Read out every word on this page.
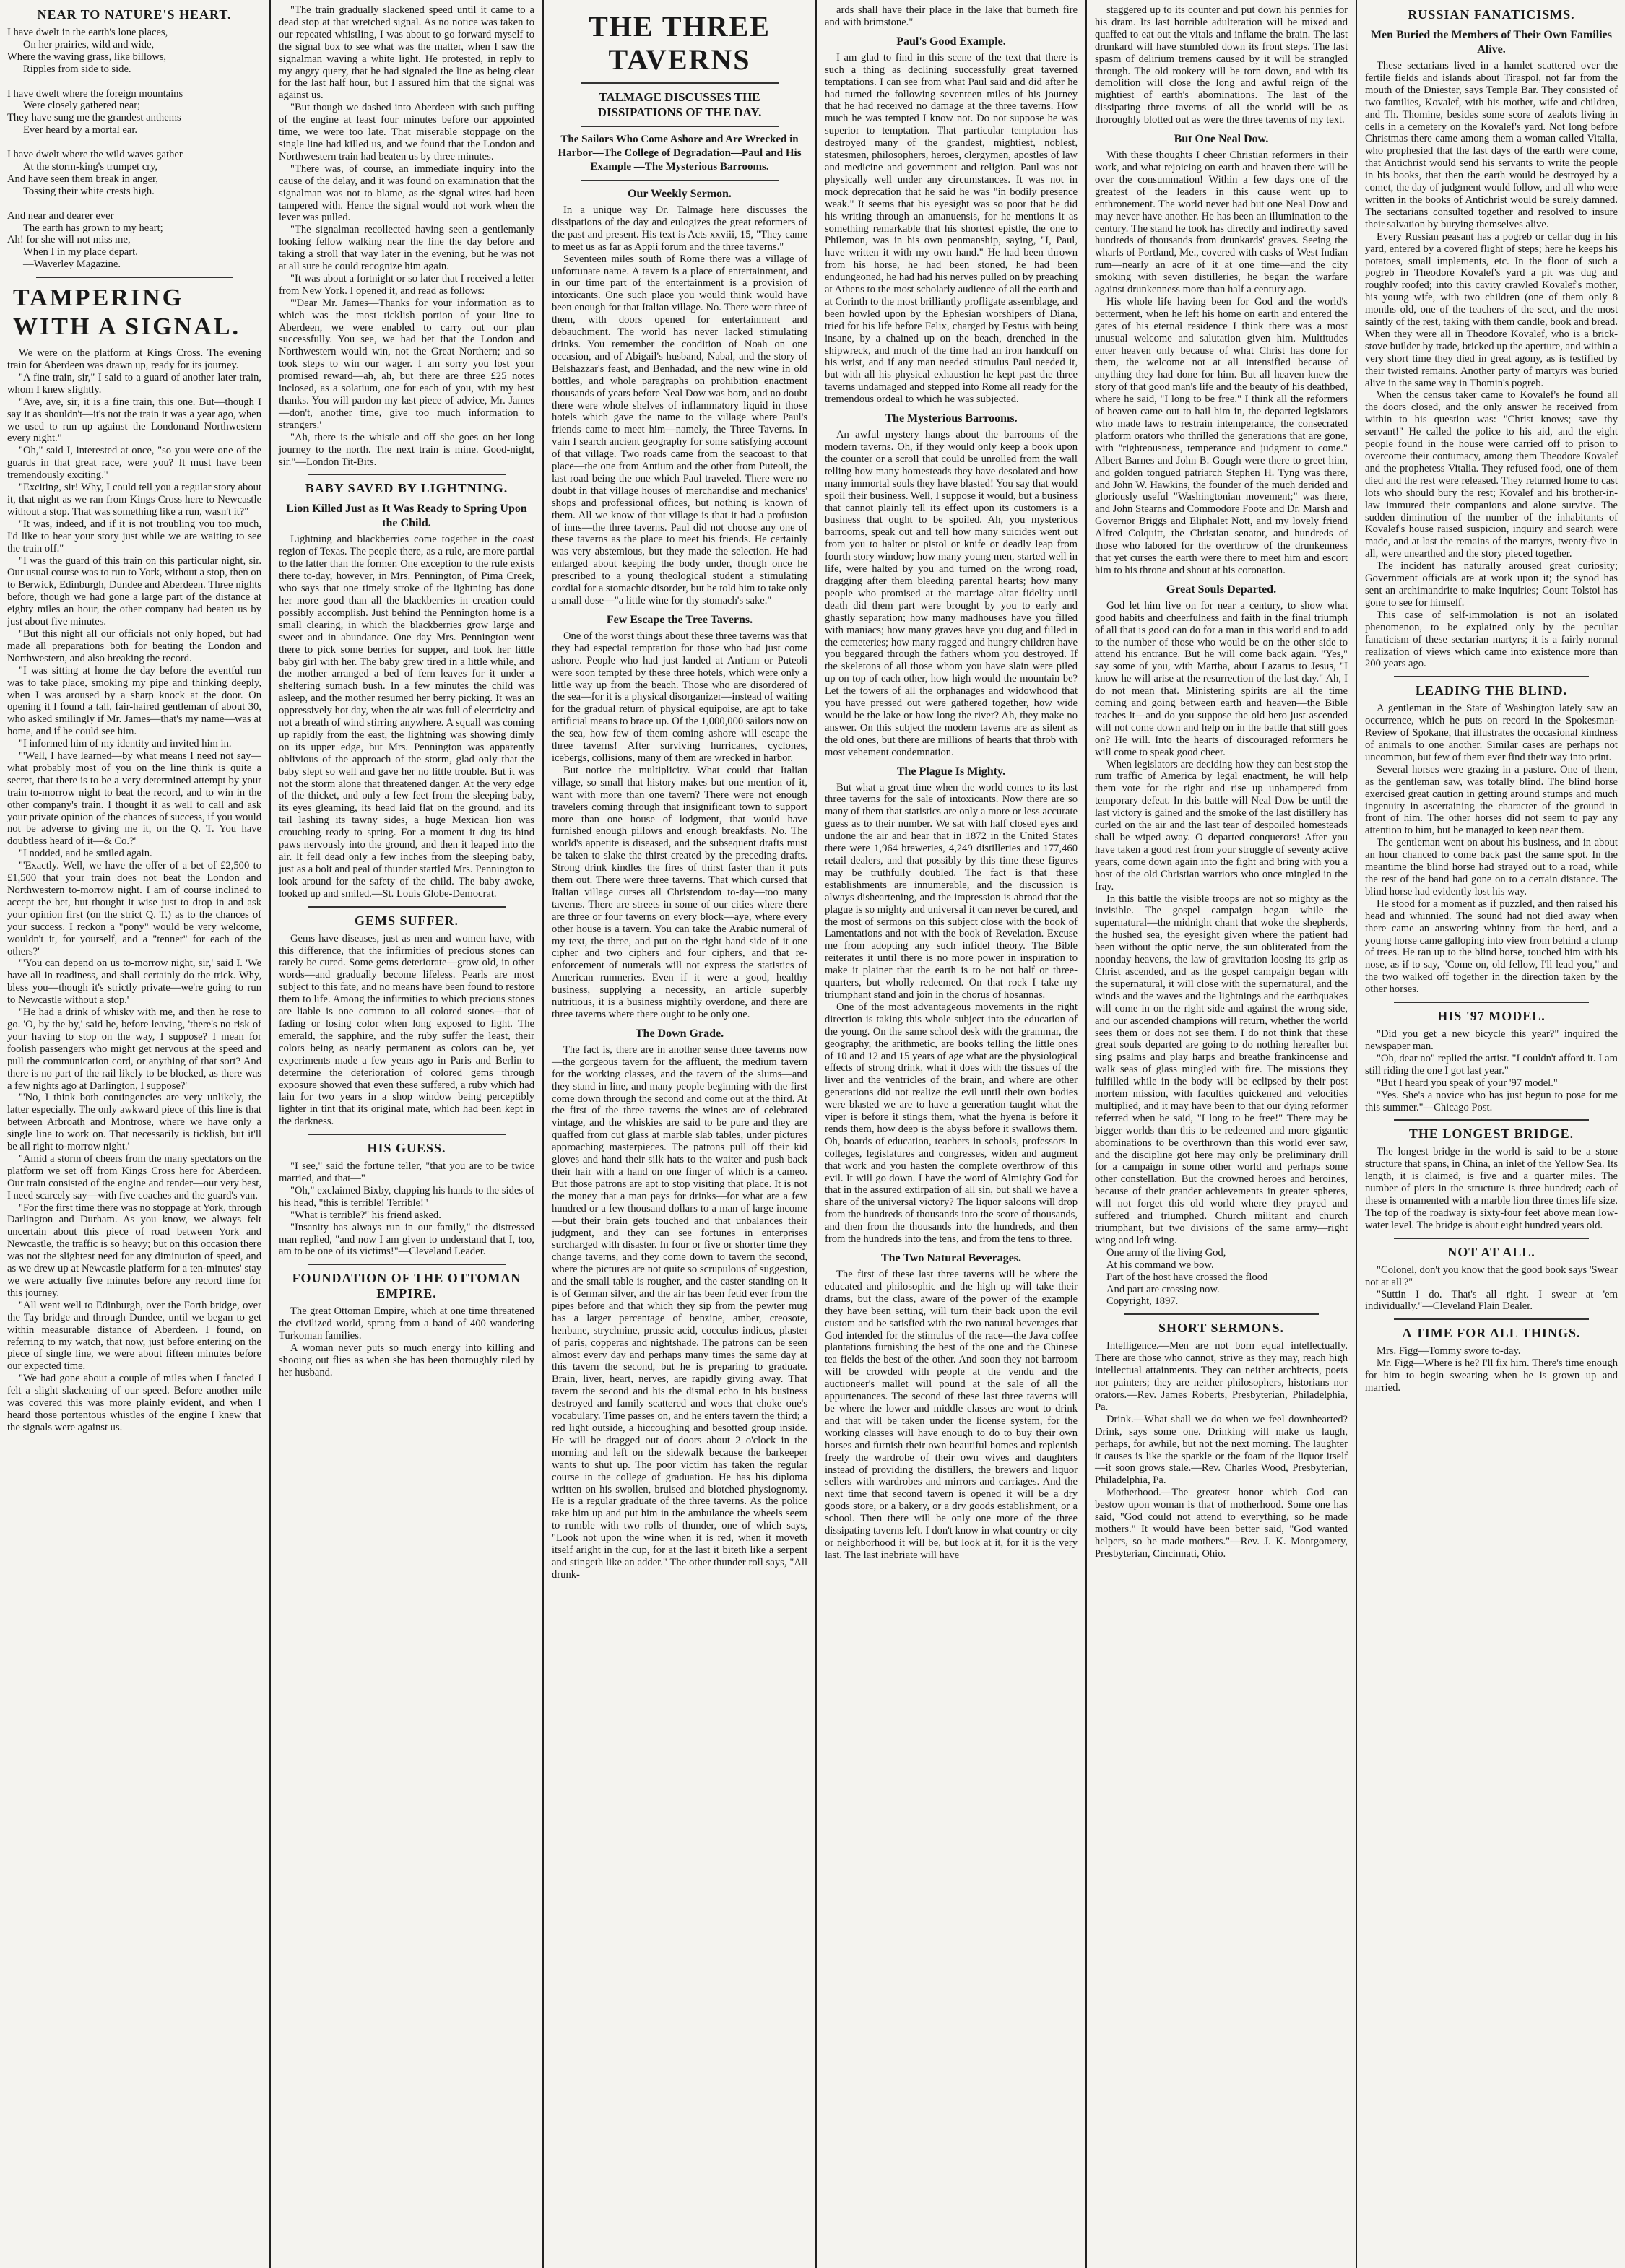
NEAR TO NATURE'S HEART.

I have dwelt in the earth's lone places,

On her prairies, wild and wide,

Where the waving grass, like billows,

Ripples from side to side.

I have dwelt where the foreign mountains

Were closely gathered near;

They have sung me the grandest anthems

Ever heard by a mortal ear.

I have dwelt where the wild waves gather

At the storm-king's trumpet cry,

And have seen them break in anger,

Tossing their white crests high.

And near and dearer ever

The earth has grown to my heart;

Ah! for she will not miss me,

When I in my place depart.

—Waverley Magazine.

TAMPERING WITH A SIGNAL.

We were on the platform at Kings Cross. The evening train for Aberdeen was drawn up, ready for its journey.

"A fine train, sir," I said to a guard of another later train, whom I knew slightly.

"Aye, aye, sir, it is a fine train, this one. But—though I say it as shouldn't—it's not the train it was a year ago, when we used to run up against the Londonand Northwestern every night."

"Oh," said I, interested at once, "so you were one of the guards in that great race, were you? It must have been tremendously exciting."

"Exciting, sir! Why, I could tell you a regular story about it, that night as we ran from Kings Cross here to Newcastle without a stop. That was something like a run, wasn't it?"

"It was, indeed, and if it is not troubling you too much, I'd like to hear your story just while we are waiting to see the train off."

"I was the guard of this train on this particular night, sir. Our usual course was to run to York, without a stop, then on to Berwick, Edinburgh, Dundee and Aberdeen. Three nights before, though we had gone a large part of the distance at eighty miles an hour, the other company had beaten us by just about five minutes.

"But this night all our officials not only hoped, but had made all preparations both for beating the London and Northwestern, and also breaking the record.

"I was sitting at home the day before the eventful run was to take place, smoking my pipe and thinking deeply, when I was aroused by a sharp knock at the door. On opening it I found a tall, fair-haired gentleman of about 30, who asked smilingly if Mr. James—that's my name—was at home, and if he could see him.

"I informed him of my identity and invited him in.

"'Well, I have learned—by what means I need not say—what probably most of you on the line think is quite a secret, that there is to be a very determined attempt by your train to-morrow night to beat the record, and to win in the other company's train. I thought it as well to call and ask your private opinion of the chances of success, if you would not be adverse to giving me it, on the Q. T. You have doubtless heard of it—& Co.?'

"I nodded, and he smiled again.

"'Exactly. Well, we have the offer of a bet of £2,500 to £1,500 that your train does not beat the London and Northwestern to-morrow night. I am of course inclined to accept the bet, but thought it wise just to drop in and ask your opinion first (on the strict Q. T.) as to the chances of your success. I reckon a "pony" would be very welcome, wouldn't it, for yourself, and a "tenner" for each of the others?'

"'You can depend on us to-morrow night, sir,' said I. 'We have all in readiness, and shall certainly do the trick. Why, bless you—though it's strictly private—we're going to run to Newcastle without a stop.'

"He had a drink of whisky with me, and then he rose to go. 'O, by the by,' said he, before leaving, 'there's no risk of your having to stop on the way, I suppose? I mean for foolish passengers who might get nervous at the speed and pull the communication cord, or anything of that sort? And there is no part of the rail likely to be blocked, as there was a few nights ago at Darlington, I suppose?'

"'No, I think both contingencies are very unlikely, the latter especially. The only awkward piece of this line is that between Arbroath and Montrose, where we have only a single line to work on. That necessarily is ticklish, but it'll be all right to-morrow night.'

"Amid a storm of cheers from the many spectators on the platform we set off from Kings Cross here for Aberdeen. Our train consisted of the engine and tender—our very best, I need scarcely say—with five coaches and the guard's van.

"For the first time there was no stoppage at York, through Darlington and Durham. As you know, we always felt uncertain about this piece of road between York and Newcastle, the traffic is so heavy; but on this occasion there was not the slightest need for any diminution of speed, and as we drew up at Newcastle platform for a ten-minutes' stay we were actually five minutes before any record time for this journey.

"All went well to Edinburgh, over the Forth bridge, over the Tay bridge and through Dundee, until we began to get within measurable distance of Aberdeen. I found, on referring to my watch, that now, just before entering on the piece of single line, we were about fifteen minutes before our expected time.

"We had gone about a couple of miles when I fancied I felt a slight slackening of our speed. Before another mile was covered this was more plainly evident, and when I heard those portentous whistles of the engine I knew that the signals were against us.

"The train gradually slackened speed until it came to a dead stop at that wretched signal. As no notice was taken to our repeated whistling, I was about to go forward myself to the signal box to see what was the matter, when I saw the signalman waving a white light. He protested, in reply to my angry query, that he had signaled the line as being clear for the last half hour, but I assured him that the signal was against us.

"But though we dashed into Aberdeen with such puffing of the engine at least four minutes before our appointed time, we were too late. That miserable stoppage on the single line had killed us, and we found that the London and Northwestern train had beaten us by three minutes.

"There was, of course, an immediate inquiry into the cause of the delay, and it was found on examination that the signalman was not to blame, as the signal wires had been tampered with. Hence the signal would not work when the lever was pulled.

"The signalman recollected having seen a gentlemanly looking fellow walking near the line the day before and taking a stroll that way later in the evening, but he was not at all sure he could recognize him again.

"It was about a fortnight or so later that I received a letter from New York. I opened it, and read as follows:

"'Dear Mr. James—Thanks for your information as to which was the most ticklish portion of your line to Aberdeen, we were enabled to carry out our plan successfully. You see, we had bet that the London and Northwestern would win, not the Great Northern; and so took steps to win our wager. I am sorry you lost your promised reward—ah, ah, but there are three £25 notes inclosed, as a solatium, one for each of you, with my best thanks. You will pardon my last piece of advice, Mr. James—don't, another time, give too much information to strangers.'

"Ah, there is the whistle and off she goes on her long journey to the north. The next train is mine. Good-night, sir."—London Tit-Bits.

BABY SAVED BY LIGHTNING.
Lion Killed Just as It Was Ready to Spring Upon the Child.

Lightning and blackberries come together in the coast region of Texas. The people there, as a rule, are more partial to the latter than the former. One exception to the rule exists there to-day, however, in Mrs. Pennington, of Pima Creek, who says that one timely stroke of the lightning has done her more good than all the blackberries in creation could possibly accomplish. Just behind the Pennington home is a small clearing, in which the blackberries grow large and sweet and in abundance. One day Mrs. Pennington went there to pick some berries for supper, and took her little baby girl with her. The baby grew tired in a little while, and the mother arranged a bed of fern leaves for it under a sheltering sumach bush. In a few minutes the child was asleep, and the mother resumed her berry picking. It was an oppressively hot day, when the air was full of electricity and not a breath of wind stirring anywhere. A squall was coming up rapidly from the east, the lightning was showing dimly on its upper edge, but Mrs. Pennington was apparently oblivious of the approach of the storm, glad only that the baby slept so well and gave her no little trouble. But it was not the storm alone that threatened danger. At the very edge of the thicket, and only a few feet from the sleeping baby, its eyes gleaming, its head laid flat on the ground, and its tail lashing its tawny sides, a huge Mexican lion was crouching ready to spring. For a moment it dug its hind paws nervously into the ground, and then it leaped into the air. It fell dead only a few inches from the sleeping baby, just as a bolt and peal of thunder startled Mrs. Pennington to look around for the safety of the child. The baby awoke, looked up and smiled.—St. Louis Globe-Democrat.

GEMS SUFFER.

Gems have diseases, just as men and women have, with this difference, that the infirmities of precious stones can rarely be cured. Some gems deteriorate—grow old, in other words—and gradually become lifeless. Pearls are most subject to this fate, and no means have been found to restore them to life. Among the infirmities to which precious stones are liable is one common to all colored stones—that of fading or losing color when long exposed to light. The emerald, the sapphire, and the ruby suffer the least, their colors being as nearly permanent as colors can be, yet experiments made a few years ago in Paris and Berlin to determine the deterioration of colored gems through exposure showed that even these suffered, a ruby which had lain for two years in a shop window being perceptibly lighter in tint that its original mate, which had been kept in the darkness.

HIS GUESS.

"I see," said the fortune teller, "that you are to be twice married, and that—"

"Oh," exclaimed Bixby, clapping his hands to the sides of his head, "this is terrible! Terrible!"

"What is terrible?" his friend asked.

"Insanity has always run in our family," the distressed man replied, "and now I am given to understand that I, too, am to be one of its victims!"—Cleveland Leader.

FOUNDATION OF THE OTTOMAN EMPIRE.

The great Ottoman Empire, which at one time threatened the civilized world, sprang from a band of 400 wandering Turkoman families.

A woman never puts so much energy into killing and shooing out flies as when she has been thoroughly riled by her husband.

THE THREE TAVERNS
TALMAGE DISCUSSES THE DISSIPATIONS OF THE DAY.
The Sailors Who Come Ashore and Are Wrecked in Harbor—The College of Degradation—Paul and His Example —The Mysterious Barrooms.
Our Weekly Sermon.

In a unique way Dr. Talmage here discusses the dissipations of the day and eulogizes the great reformers of the past and present. His text is Acts xxviii, 15, "They came to meet us as far as Appii forum and the three taverns."

Seventeen miles south of Rome there was a village of unfortunate name. A tavern is a place of entertainment, and in our time part of the entertainment is a provision of intoxicants. One such place you would think would have been enough for that Italian village. No. There were three of them, with doors opened for entertainment and debauchment. The world has never lacked stimulating drinks. You remember the condition of Noah on one occasion, and of Abigail's husband, Nabal, and the story of Belshazzar's feast, and Benhadad, and the new wine in old bottles, and whole paragraphs on prohibition enactment thousands of years before Neal Dow was born, and no doubt there were whole shelves of inflammatory liquid in those hotels which gave the name to the village where Paul's friends came to meet him—namely, the Three Taverns. In vain I search ancient geography for some satisfying account of that village. Two roads came from the seacoast to that place—the one from Antium and the other from Puteoli, the last road being the one which Paul traveled. There were no doubt in that village houses of merchandise and mechanics' shops and professional offices, but nothing is known of them. All we know of that village is that it had a profusion of inns—the three taverns. Paul did not choose any one of these taverns as the place to meet his friends. He certainly was very abstemious, but they made the selection. He had enlarged about keeping the body under, though once he prescribed to a young theological student a stimulating cordial for a stomachic disorder, but he told him to take only a small dose—"a little wine for thy stomach's sake."

Few Escape the Tree Taverns.

One of the worst things about these three taverns was that they had especial temptation for those who had just come ashore. People who had just landed at Antium or Puteoli were soon tempted by these three hotels, which were only a little way up from the beach. Those who are disordered of the sea—for it is a physical disorganizer—instead of waiting for the gradual return of physical equipoise, are apt to take artificial means to brace up. Of the 1,000,000 sailors now on the sea, how few of them coming ashore will escape the three taverns! After surviving hurricanes, cyclones, icebergs, collisions, many of them are wrecked in harbor.

But notice the multiplicity. What could that Italian village, so small that history makes but one mention of it, want with more than one tavern? There were not enough travelers coming through that insignificant town to support more than one house of lodgment, that would have furnished enough pillows and enough breakfasts. No. The world's appetite is diseased, and the subsequent drafts must be taken to slake the thirst created by the preceding drafts. Strong drink kindles the fires of thirst faster than it puts them out. There were three taverns. That which cursed that Italian village curses all Christendom to-day—too many taverns. There are streets in some of our cities where there are three or four taverns on every block—aye, where every other house is a tavern. You can take the Arabic numeral of my text, the three, and put on the right hand side of it one cipher and two ciphers and four ciphers, and that re-enforcement of numerals will not express the statistics of American rumneries. Even if it were a good, healthy business, supplying a necessity, an article superbly nutritious, it is a business mightily overdone, and there are three taverns where there ought to be only one.

The Down Grade.

The fact is, there are in another sense three taverns now—the gorgeous tavern for the affluent, the medium tavern for the working classes, and the tavern of the slums—and they stand in line, and many people beginning with the first come down through the second and come out at the third. At the first of the three taverns the wines are of celebrated vintage, and the whiskies are said to be pure and they are quaffed from cut glass at marble slab tables, under pictures approaching masterpieces. The patrons pull off their kid gloves and hand their silk hats to the waiter and push back their hair with a hand on one finger of which is a cameo. But those patrons are apt to stop visiting that place. It is not the money that a man pays for drinks—for what are a few hundred or a few thousand dollars to a man of large income—but their brain gets touched and that unbalances their judgment, and they can see fortunes in enterprises surcharged with disaster. In four or five or shorter time they change taverns, and they come down to tavern the second, where the pictures are not quite so scrupulous of suggestion, and the small table is rougher, and the caster standing on it is of German silver, and the air has been fetid ever from the pipes before and that which they sip from the pewter mug has a larger percentage of benzine, amber, creosote, henbane, strychnine, prussic acid, cocculus indicus, plaster of paris, copperas and nightshade. The patrons can be seen almost every day and perhaps many times the same day at this tavern the second, but he is preparing to graduate. Brain, liver, heart, nerves, are rapidly giving away. That tavern the second and his the dismal echo in his business destroyed and family scattered and woes that choke one's vocabulary. Time passes on, and he enters tavern the third; a red light outside, a hiccoughing and besotted group inside. He will be dragged out of doors about 2 o'clock in the morning and left on the sidewalk because the barkeeper wants to shut up. The poor victim has taken the regular course in the college of graduation. He has his diploma written on his swollen, bruised and blotched physiognomy. He is a regular graduate of the three taverns. As the police take him up and put him in the ambulance the wheels seem to rumble with two rolls of thunder, one of which says, "Look not upon the wine when it is red, when it moveth itself aright in the cup, for at the last it biteth like a serpent and stingeth like an adder." The other thunder roll says, "All drunk-

ards shall have their place in the lake that burneth fire and with brimstone."

Paul's Good Example.

I am glad to find in this scene of the text that there is such a thing as declining successfully great taverned temptations. I can see from what Paul said and did after he had turned the following seventeen miles of his journey that he had received no damage at the three taverns. How much he was tempted I know not. Do not suppose he was superior to temptation. That particular temptation has destroyed many of the grandest, mightiest, noblest, statesmen, philosophers, heroes, clergymen, apostles of law and medicine and government and religion. Paul was not physically well under any circumstances. It was not in mock deprecation that he said he was "in bodily presence weak." It seems that his eyesight was so poor that he did his writing through an amanuensis, for he mentions it as something remarkable that his shortest epistle, the one to Philemon, was in his own penmanship, saying, "I, Paul, have written it with my own hand." He had been thrown from his horse, he had been stoned, he had been endungeoned, he had had his nerves pulled on by preaching at Athens to the most scholarly audience of all the earth and at Corinth to the most brilliantly profligate assemblage, and been howled upon by the Ephesian worshipers of Diana, tried for his life before Felix, charged by Festus with being insane, by a chained up on the beach, drenched in the shipwreck, and much of the time had an iron handcuff on his wrist, and if any man needed stimulus Paul needed it, but with all his physical exhaustion he kept past the three taverns undamaged and stepped into Rome all ready for the tremendous ordeal to which he was subjected.

The Mysterious Barrooms.

An awful mystery hangs about the barrooms of the modern taverns. Oh, if they would only keep a book upon the counter or a scroll that could be unrolled from the wall telling how many homesteads they have desolated and how many immortal souls they have blasted! You say that would spoil their business. Well, I suppose it would, but a business that cannot plainly tell its effect upon its customers is a business that ought to be spoiled. Ah, you mysterious barrooms, speak out and tell how many suicides went out from you to halter or pistol or knife or deadly leap from fourth story window; how many young men, started well in life, were halted by you and turned on the wrong road, dragging after them bleeding parental hearts; how many people who promised at the marriage altar fidelity until death did them part were brought by you to early and ghastly separation; how many madhouses have you filled with maniacs; how many graves have you dug and filled in the cemeteries; how many ragged and hungry children have you beggared through the fathers whom you destroyed. If the skeletons of all those whom you have slain were piled up on top of each other, how high would the mountain be? Let the towers of all the orphanages and widowhood that you have pressed out were gathered together, how wide would be the lake or how long the river? Ah, they make no answer. On this subject the modern taverns are as silent as the old ones, but there are millions of hearts that throb with most vehement condemnation.

The Plague Is Mighty.

But what a great time when the world comes to its last three taverns for the sale of intoxicants. Now there are so many of them that statistics are only a more or less accurate guess as to their number. We sat with half closed eyes and undone the air and hear that in 1872 in the United States there were 1,964 breweries, 4,249 distilleries and 177,460 retail dealers, and that possibly by this time these figures may be truthfully doubled. The fact is that these establishments are innumerable, and the discussion is always disheartening, and the impression is abroad that the plague is so mighty and universal it can never be cured, and the most of sermons on this subject close with the book of Lamentations and not with the book of Revelation. Excuse me from adopting any such infidel theory. The Bible reiterates it until there is no more power in inspiration to make it plainer that the earth is to be not half or three-quarters, but wholly redeemed. On that rock I take my triumphant stand and join in the chorus of hosannas.

One of the most advantageous movements in the right direction is taking this whole subject into the education of the young. On the same school desk with the grammar, the geography, the arithmetic, are books telling the little ones of 10 and 12 and 15 years of age what are the physiological effects of strong drink, what it does with the tissues of the liver and the ventricles of the brain, and where are other generations did not realize the evil until their own bodies were blasted we are to have a generation taught what the viper is before it stings them, what the hyena is before it rends them, how deep is the abyss before it swallows them. Oh, boards of education, teachers in schools, professors in colleges, legislatures and congresses, widen and augment that work and you hasten the complete overthrow of this evil. It will go down. I have the word of Almighty God for that in the assured extirpation of all sin, but shall we have a share of the universal victory? The liquor saloons will drop from the hundreds of thousands into the score of thousands, and then from the thousands into the hundreds, and then from the hundreds into the tens, and from the tens to three.

The Two Natural Beverages.

The first of these last three taverns will be where the educated and philosophic and the high up will take their drams, but the class, aware of the power of the example they have been setting, will turn their back upon the evil custom and be satisfied with the two natural beverages that God intended for the stimulus of the race—the Java coffee plantations furnishing the best of the one and the Chinese tea fields the best of the other. And soon they not barroom will be crowded with people at the vendu and the auctioneer's mallet will pound at the sale of all the appurtenances. The second of these last three taverns will be where the lower and middle classes are wont to drink and that will be taken under the license system, for the working classes will have enough to do to buy their own horses and furnish their own beautiful homes and replenish freely the wardrobe of their own wives and daughters instead of providing the distillers, the brewers and liquor sellers with wardrobes and mirrors and carriages. And the next time that second tavern is opened it will be a dry goods store, or a bakery, or a dry goods establishment, or a school. Then there will be only one more of the three dissipating taverns left. I don't know in what country or city or neighborhood it will be, but look at it, for it is the very last. The last inebriate will have

staggered up to its counter and put down his pennies for his dram. Its last horrible adulteration will be mixed and quaffed to eat out the vitals and inflame the brain. The last drunkard will have stumbled down its front steps. The last spasm of delirium tremens caused by it will be strangled through. The old rookery will be torn down, and with its demolition will close the long and awful reign of the mightiest of earth's abominations. The last of the dissipating three taverns of all the world will be as thoroughly blotted out as were the three taverns of my text.

But One Neal Dow.

With these thoughts I cheer Christian reformers in their work, and what rejoicing on earth and heaven there will be over the consummation! Within a few days one of the greatest of the leaders in this cause went up to enthronement. The world never had but one Neal Dow and may never have another. He has been an illumination to the century. The stand he took has directly and indirectly saved hundreds of thousands from drunkards' graves. Seeing the wharfs of Portland, Me., covered with casks of West Indian rum—nearly an acre of it at one time—and the city smoking with seven distilleries, he began the warfare against drunkenness more than half a century ago.

His whole life having been for God and the world's betterment, when he left his home on earth and entered the gates of his eternal residence I think there was a most unusual welcome and salutation given him. Multitudes enter heaven only because of what Christ has done for them, the welcome not at all intensified because of anything they had done for him. But all heaven knew the story of that good man's life and the beauty of his deathbed, where he said, "I long to be free." I think all the reformers of heaven came out to hail him in, the departed legislators who made laws to restrain intemperance, the consecrated platform orators who thrilled the generations that are gone, with "righteousness, temperance and judgment to come." Albert Barnes and John B. Gough were there to greet him, and golden tongued patriarch Stephen H. Tyng was there, and John W. Hawkins, the founder of the much derided and gloriously useful "Washingtonian movement;" was there, and John Stearns and Commodore Foote and Dr. Marsh and Governor Briggs and Eliphalet Nott, and my lovely friend Alfred Colquitt, the Christian senator, and hundreds of those who labored for the overthrow of the drunkenness that yet curses the earth were there to meet him and escort him to his throne and shout at his coronation.

Great Souls Departed.

God let him live on for near a century, to show what good habits and cheerfulness and faith in the final triumph of all that is good can do for a man in this world and to add to the number of those who would be on the other side to attend his entrance. But he will come back again. "Yes," say some of you, with Martha, about Lazarus to Jesus, "I know he will arise at the resurrection of the last day." Ah, I do not mean that. Ministering spirits are all the time coming and going between earth and heaven—the Bible teaches it—and do you suppose the old hero just ascended will not come down and help on in the battle that still goes on? He will. Into the hearts of discouraged reformers he will come to speak good cheer.

When legislators are deciding how they can best stop the rum traffic of America by legal enactment, he will help them vote for the right and rise up unhampered from temporary defeat. In this battle will Neal Dow be until the last victory is gained and the smoke of the last distillery has curled on the air and the last tear of despoiled homesteads shall be wiped away. O departed conquerors! After you have taken a good rest from your struggle of seventy active years, come down again into the fight and bring with you a host of the old Christian warriors who once mingled in the fray.

In this battle the visible troops are not so mighty as the invisible. The gospel campaign began while the supernatural—the midnight chant that woke the shepherds, the hushed sea, the eyesight given where the patient had been without the optic nerve, the sun obliterated from the noonday heavens, the law of gravitation loosing its grip as Christ ascended, and as the gospel campaign began with the supernatural, it will close with the supernatural, and the winds and the waves and the lightnings and the earthquakes will come in on the right side and against the wrong side, and our ascended champions will return, whether the world sees them or does not see them. I do not think that these great souls departed are going to do nothing hereafter but sing psalms and play harps and breathe frankincense and walk seas of glass mingled with fire. The missions they fulfilled while in the body will be eclipsed by their post mortem mission, with faculties quickened and velocities multiplied, and it may have been to that our dying reformer referred when he said, "I long to be free!" There may be bigger worlds than this to be redeemed and more gigantic abominations to be overthrown than this world ever saw, and the discipline got here may only be preliminary drill for a campaign in some other world and perhaps some other constellation. But the crowned heroes and heroines, because of their grander achievements in greater spheres, will not forget this old world where they prayed and suffered and triumphed. Church militant and church triumphant, but two divisions of the same army—right wing and left wing.

One army of the living God,

At his command we bow.

Part of the host have crossed the flood

And part are crossing now.

Copyright, 1897.

SHORT SERMONS.

Intelligence.—Men are not born equal intellectually. There are those who cannot, strive as they may, reach high intellectual attainments. They can neither architects, poets nor painters; they are neither philosophers, historians nor orators.—Rev. James Roberts, Presbyterian, Philadelphia, Pa.

Drink.—What shall we do when we feel downhearted? Drink, says some one. Drinking will make us laugh, perhaps, for awhile, but not the next morning. The laughter it causes is like the sparkle or the foam of the liquor itself—it soon grows stale.—Rev. Charles Wood, Presbyterian, Philadelphia, Pa.

Motherhood.—The greatest honor which God can bestow upon woman is that of motherhood. Some one has said, "God could not attend to everything, so he made mothers." It would have been better said, "God wanted helpers, so he made mothers."—Rev. J. K. Montgomery, Presbyterian, Cincinnati, Ohio.

RUSSIAN FANATICISMS.
Men Buried the Members of Their Own Families Alive.

These sectarians lived in a hamlet scattered over the fertile fields and islands about Tiraspol, not far from the mouth of the Dniester, says Temple Bar. They consisted of two families, Kovalef, with his mother, wife and children, and Th. Thomine, besides some score of zealots living in cells in a cemetery on the Kovalef's yard. Not long before Christmas there came among them a woman called Vitalia, who prophesied that the last days of the earth were come, that Antichrist would send his servants to write the people in his books, that then the earth would be destroyed by a comet, the day of judgment would follow, and all who were written in the books of Antichrist would be surely damned. The sectarians consulted together and resolved to insure their salvation by burying themselves alive.

Every Russian peasant has a pogreb or cellar dug in his yard, entered by a covered flight of steps; here he keeps his potatoes, small implements, etc. In the floor of such a pogreb in Theodore Kovalef's yard a pit was dug and roughly roofed; into this cavity crawled Kovalef's mother, his young wife, with two children (one of them only 8 months old, one of the teachers of the sect, and the most saintly of the rest, taking with them candle, book and bread. When they were all in Theodore Kovalef, who is a brick-stove builder by trade, bricked up the aperture, and within a very short time they died in great agony, as is testified by their twisted remains. Another party of martyrs was buried alive in the same way in Thomin's pogreb.

When the census taker came to Kovalef's he found all the doors closed, and the only answer he received from within to his question was: "Christ knows; save thy servant!" He called the police to his aid, and the eight people found in the house were carried off to prison to overcome their contumacy, among them Theodore Kovalef and the prophetess Vitalia. They refused food, one of them died and the rest were released. They returned home to cast lots who should bury the rest; Kovalef and his brother-in-law immured their companions and alone survive. The sudden diminution of the number of the inhabitants of Kovalef's house raised suspicion, inquiry and search were made, and at last the remains of the martyrs, twenty-five in all, were unearthed and the story pieced together.

The incident has naturally aroused great curiosity; Government officials are at work upon it; the synod has sent an archimandrite to make inquiries; Count Tolstoi has gone to see for himself.

This case of self-immolation is not an isolated phenomenon, to be explained only by the peculiar fanaticism of these sectarian martyrs; it is a fairly normal realization of views which came into existence more than 200 years ago.

LEADING THE BLIND.

A gentleman in the State of Washington lately saw an occurrence, which he puts on record in the Spokesman-Review of Spokane, that illustrates the occasional kindness of animals to one another. Similar cases are perhaps not uncommon, but few of them ever find their way into print.

Several horses were grazing in a pasture. One of them, as the gentleman saw, was totally blind. The blind horse exercised great caution in getting around stumps and much ingenuity in ascertaining the character of the ground in front of him. The other horses did not seem to pay any attention to him, but he managed to keep near them.

The gentleman went on about his business, and in about an hour chanced to come back past the same spot. In the meantime the blind horse had strayed out to a road, while the rest of the band had gone on to a certain distance. The blind horse had evidently lost his way.

He stood for a moment as if puzzled, and then raised his head and whinnied. The sound had not died away when there came an answering whinny from the herd, and a young horse came galloping into view from behind a clump of trees. He ran up to the blind horse, touched him with his nose, as if to say, "Come on, old fellow, I'll lead you," and the two walked off together in the direction taken by the other horses.

HIS '97 MODEL.

"Did you get a new bicycle this year?" inquired the newspaper man.

"Oh, dear no" replied the artist. "I couldn't afford it. I am still riding the one I got last year."

"But I heard you speak of your '97 model."

"Yes. She's a novice who has just begun to pose for me this summer."—Chicago Post.

THE LONGEST BRIDGE.

The longest bridge in the world is said to be a stone structure that spans, in China, an inlet of the Yellow Sea. Its length, it is claimed, is five and a quarter miles. The number of piers in the structure is three hundred; each of these is ornamented with a marble lion three times life size. The top of the roadway is sixty-four feet above mean low-water level. The bridge is about eight hundred years old.

NOT AT ALL.

"Colonel, don't you know that the good book says 'Swear not at all'?"

"Suttin I do. That's all right. I swear at 'em individually."—Cleveland Plain Dealer.

A TIME FOR ALL THINGS.

Mrs. Figg—Tommy swore to-day.

Mr. Figg—Where is he? I'll fix him. There's time enough for him to begin swearing when he is grown up and married.
